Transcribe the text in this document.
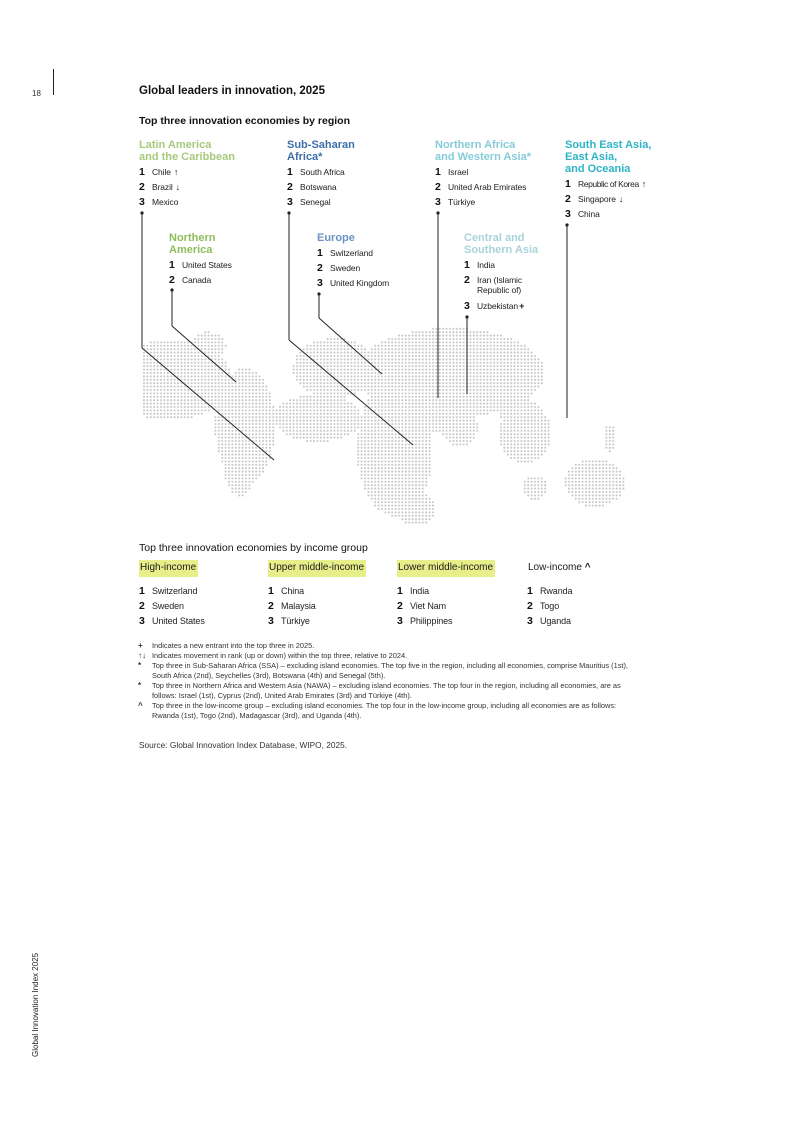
18
Global Innovation Index 2025
Global leaders in innovation, 2025
Top three innovation economies by region
Latin America
and the Caribbean
1 Chile ↑
2 Brazil ↓
3 Mexico
Sub-Saharan
Africa*
1 South Africa
2 Botswana
3 Senegal
Northern Africa
and Western Asia*
1 Israel
2 United Arab Emirates
3 Türkiye
South East Asia,
East Asia,
and Oceania
1 Republic of Korea ↑
2 Singapore ↓
3 China
Northern
America
1 United States
2 Canada
Europe
1 Switzerland
2 Sweden
3 United Kingdom
Central and
Southern Asia
1 India
2 Iran (Islamic Republic of)
3 Uzbekistan +
Top three innovation economies by income group
High-income
1 Switzerland
2 Sweden
3 United States
Upper middle-income
1 China
2 Malaysia
3 Türkiye
Lower middle-income
1 India
2 Viet Nam
3 Philippines
Low-income ^
1 Rwanda
2 Togo
3 Uganda
+	Indicates a new entrant into the top three in 2025.
↑↓ Indicates movement in rank (up or down) within the top three, relative to 2024.
*	Top three in Sub-Saharan Africa (SSA) – excluding island economies. The top five in the region, including all economies, comprise Mauritius (1st), South Africa (2nd), Seychelles (3rd), Botswana (4th) and Senegal (5th).
*	Top three in Northern Africa and Western Asia (NAWA) – excluding island economies. The top four in the region, including all economies, are as follows: Israel (1st), Cyprus (2nd), United Arab Emirates (3rd) and Türkiye (4th).
^	Top three in the low-income group – excluding island economies. The top four in the low-income group, including all economies are as follows: Rwanda (1st), Togo (2nd), Madagascar (3rd), and Uganda (4th).
Source: Global Innovation Index Database, WIPO, 2025.
